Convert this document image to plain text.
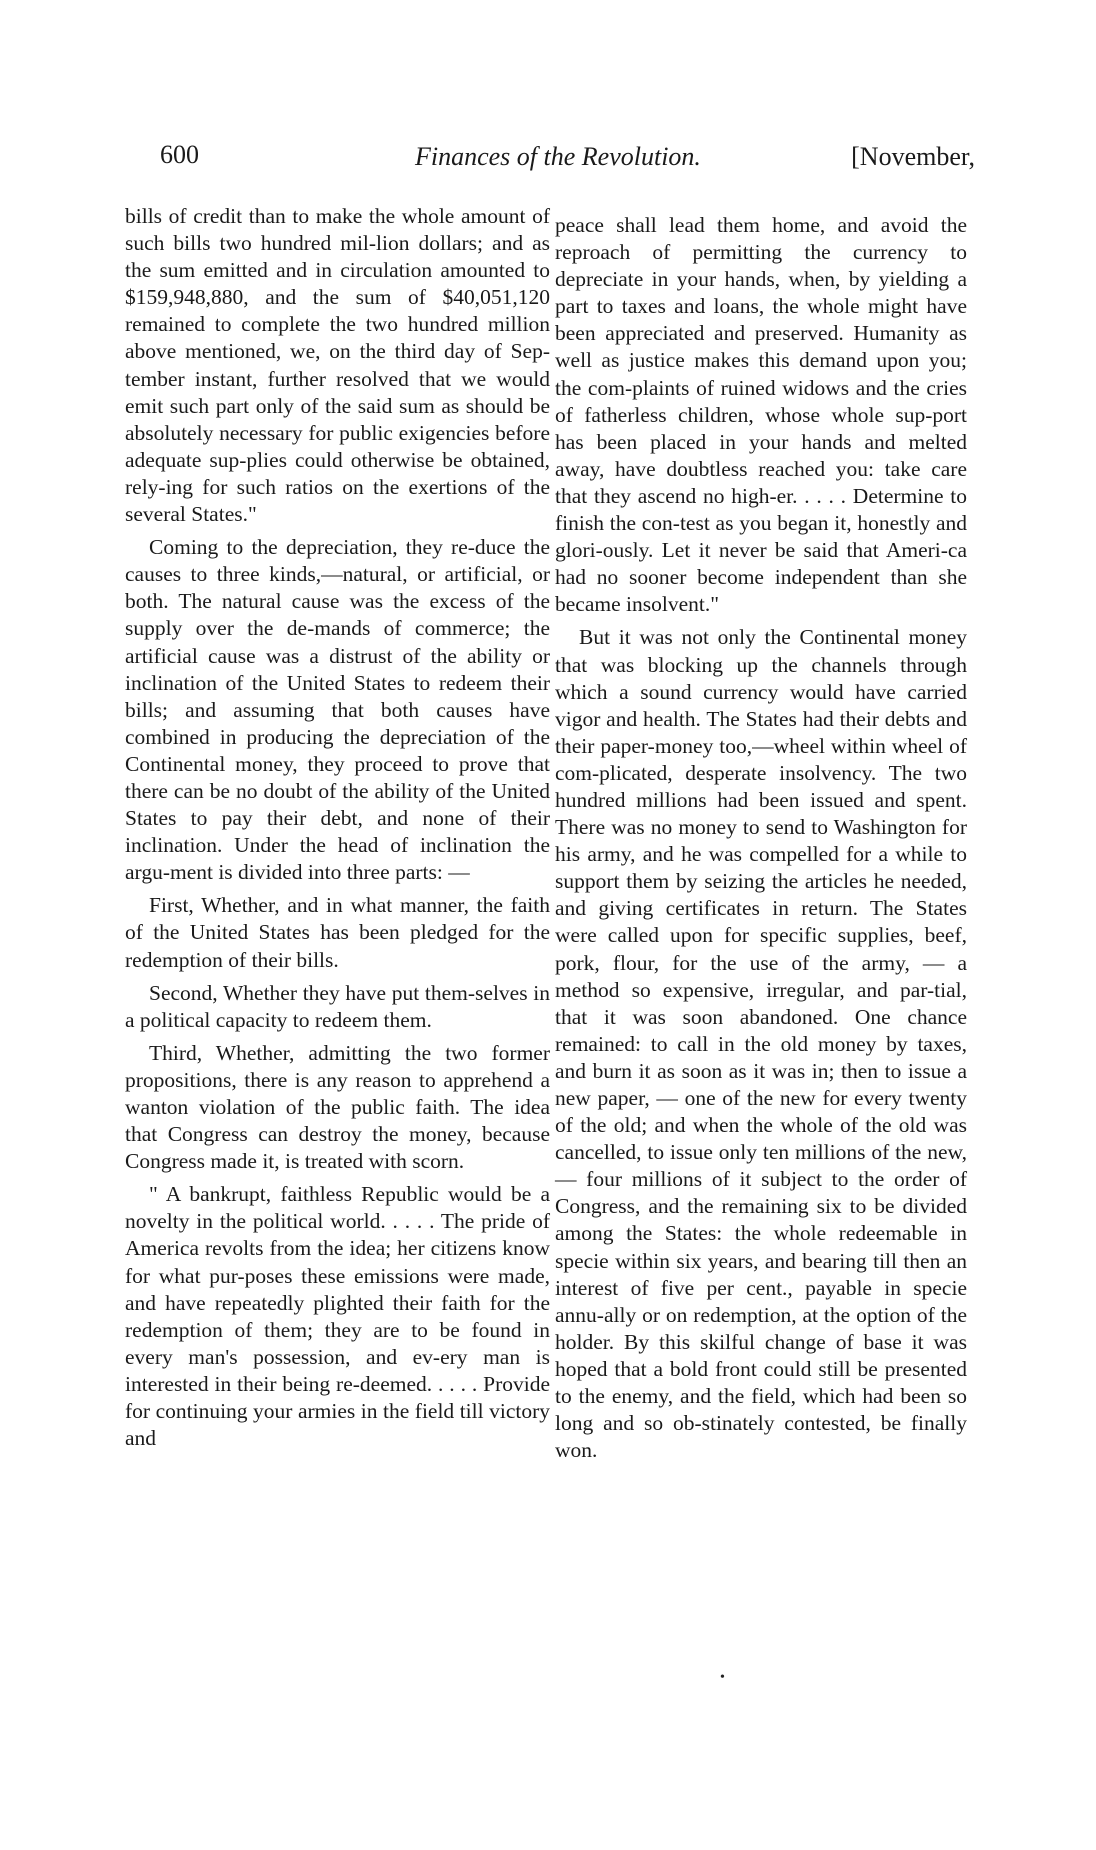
600	Finances of the Revolution.	[November,

bills of credit than to make the whole amount of such bills two hundred mil-lion dollars; and as the sum emitted and in circulation amounted to $159,948,880, and the sum of $40,051,120 remained to complete the two hundred million above mentioned, we, on the third day of Sep-tember instant, further resolved that we would emit such part only of the said sum as should be absolutely necessary for public exigencies before adequate sup-plies could otherwise be obtained, rely-ing for such ratios on the exertions of the several States."

Coming to the depreciation, they re-duce the causes to three kinds,—natural, or artificial, or both. The natural cause was the excess of the supply over the de-mands of commerce; the artificial cause was a distrust of the ability or inclination of the United States to redeem their bills; and assuming that both causes have combined in producing the depreciation of the Continental money, they proceed to prove that there can be no doubt of the ability of the United States to pay their debt, and none of their inclination. Under the head of inclination the argu-ment is divided into three parts: —

First, Whether, and in what manner, the faith of the United States has been pledged for the redemption of their bills.

Second, Whether they have put them-selves in a political capacity to redeem them.

Third, Whether, admitting the two former propositions, there is any reason to apprehend a wanton violation of the public faith. The idea that Congress can destroy the money, because Congress made it, is treated with scorn.

" A bankrupt, faithless Republic would be a novelty in the political world. . . . . The pride of America revolts from the idea; her citizens know for what pur-poses these emissions were made, and have repeatedly plighted their faith for the redemption of them; they are to be found in every man's possession, and ev-ery man is interested in their being re-deemed. . . . . Provide for continuing your armies in the field till victory and

peace shall lead them home, and avoid the reproach of permitting the currency to depreciate in your hands, when, by yielding a part to taxes and loans, the whole might have been appreciated and preserved. Humanity as well as justice makes this demand upon you; the com-plaints of ruined widows and the cries of fatherless children, whose whole sup-port has been placed in your hands and melted away, have doubtless reached you: take care that they ascend no high-er. . . . . Determine to finish the con-test as you began it, honestly and glori-ously. Let it never be said that Ameri-ca had no sooner become independent than she became insolvent."

But it was not only the Continental money that was blocking up the channels through which a sound currency would have carried vigor and health. The States had their debts and their paper-money too,—wheel within wheel of com-plicated, desperate insolvency. The two hundred millions had been issued and spent. There was no money to send to Washington for his army, and he was compelled for a while to support them by seizing the articles he needed, and giving certificates in return. The States were called upon for specific supplies, beef, pork, flour, for the use of the army, — a method so expensive, irregular, and par-tial, that it was soon abandoned. One chance remained: to call in the old money by taxes, and burn it as soon as it was in; then to issue a new paper, — one of the new for every twenty of the old; and when the whole of the old was cancelled, to issue only ten millions of the new, — four millions of it subject to the order of Congress, and the remaining six to be divided among the States: the whole redeemable in specie within six years, and bearing till then an interest of five per cent., payable in specie annu-ally or on redemption, at the option of the holder. By this skilful change of base it was hoped that a bold front could still be presented to the enemy, and the field, which had been so long and so ob-stinately contested, be finally won.

•
